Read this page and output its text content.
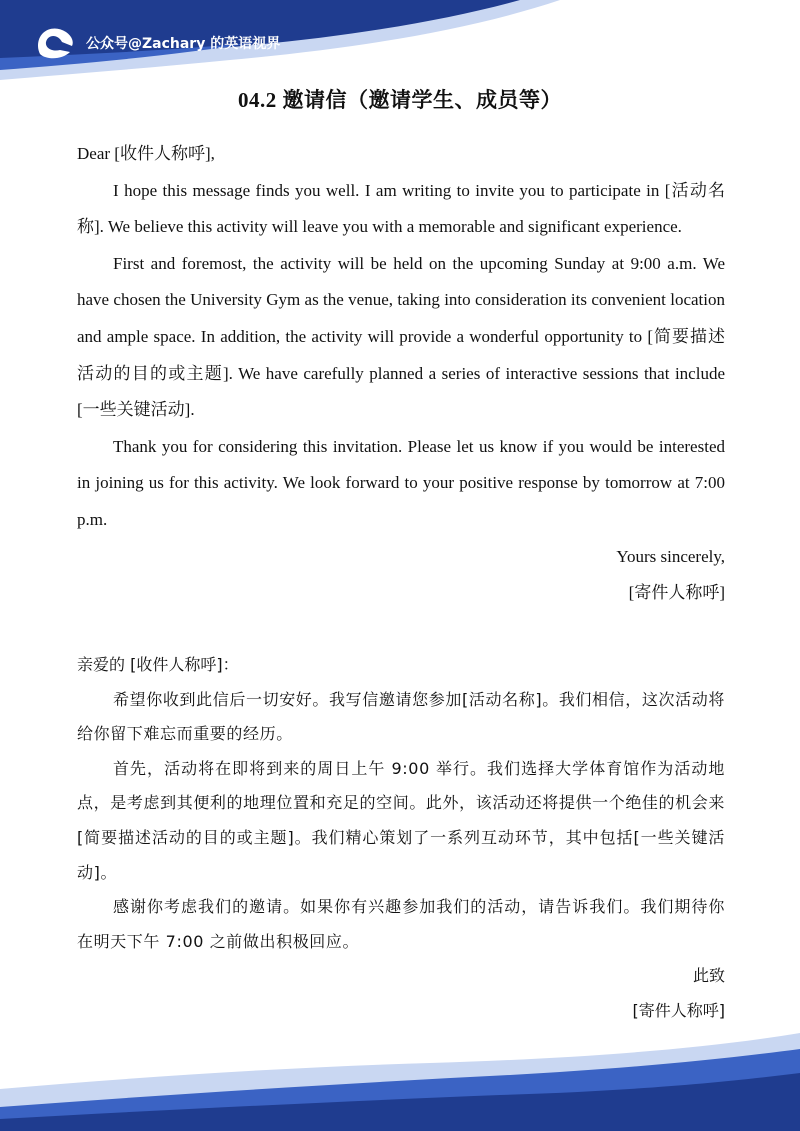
公众号@Zachary 的英语视界
04.2 邀请信（邀请学生、成员等）

Dear [收件人称呼],

I hope this message finds you well. I am writing to invite you to participate in [活动名称]. We believe this activity will leave you with a memorable and significant experience.

First and foremost, the activity will be held on the upcoming Sunday at 9:00 a.m. We have chosen the University Gym as the venue, taking into consideration its convenient location and ample space. In addition, the activity will provide a wonderful opportunity to [简要描述活动的目的或主题]. We have carefully planned a series of interactive sessions that include [一些关键活动].

Thank you for considering this invitation. Please let us know if you would be interested in joining us for this activity. We look forward to your positive response by tomorrow at 7:00 p.m.

Yours sincerely,

[寄件人称呼]

亲爱的 [收件人称呼]：

希望你收到此信后一切安好。我写信邀请您参加[活动名称]。我们相信，这次活动将给你留下难忘而重要的经历。

首先，活动将在即将到来的周日上午 9:00 举行。我们选择大学体育馆作为活动地点，是考虑到其便利的地理位置和充足的空间。此外，该活动还将提供一个绝佳的机会来[简要描述活动的目的或主题]。我们精心策划了一系列互动环节，其中包括[一些关键活动]。

感谢你考虑我们的邀请。如果你有兴趣参加我们的活动，请告诉我们。我们期待你在明天下午 7:00 之前做出积极回应。

此致

[寄件人称呼]
